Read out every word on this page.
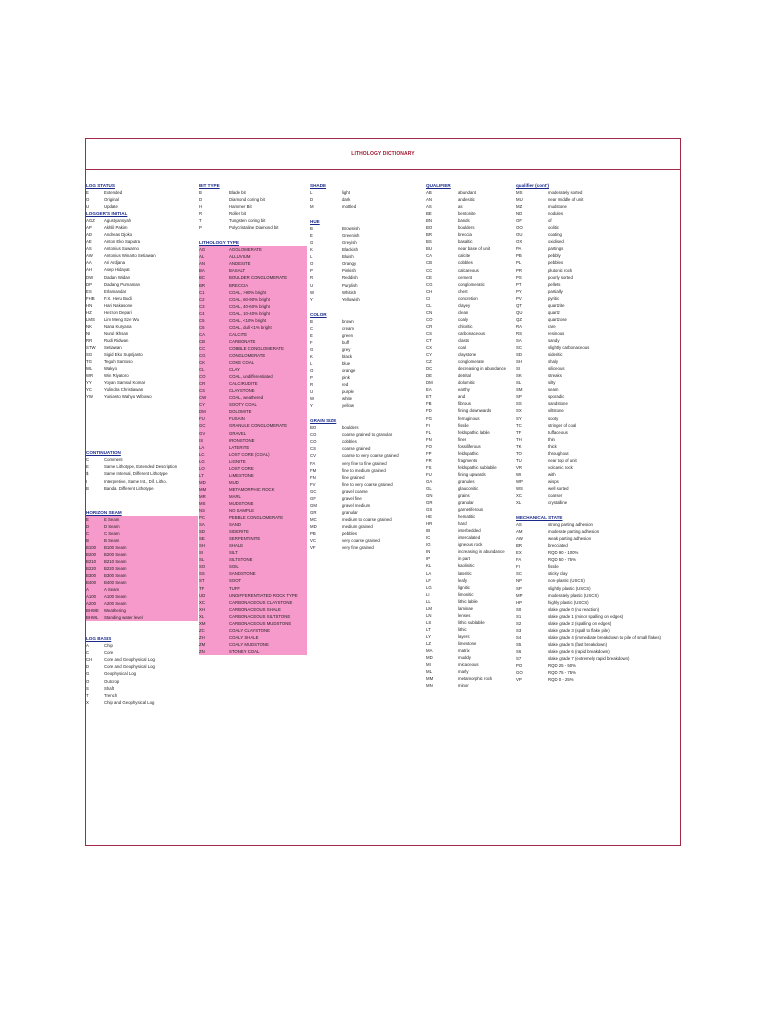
LITHOLOGY DICTIONARY
LOG STATUS
E	Extended
O	Original
U	Update
LOGGER'S INITIAL
AGZ Agustyansyah
AP	Akhlil Pakim
AD	Andreas Djoko
AE	Anton Eko Saputra
AS	Antonius Suwarno
AW	Antonius Winarto Setiawan
AA	Ari Ardjana
AH	Asep Hidayat
DW	Dadan Widan
DP	Dadang Purnaman
ES	Erlamandar
FHB F.X. Heru Budi
HN	Hari Nakasone
HZ	Hezron Depari
LMS Lim Meng Sze Wu
NK	Nana Kuryana
NI	Nurul Ikhsan
RR	Rudi Ridwan
STW Setiawan
SG	Sigid Eko Suprijanto
TG	Teguh Santoso
WL	Wakyo
WR	Win Riyatoro
YY	Yoyan Samsul Komar
YC	Yulindra Christiawan
YW	Yunianto Wahyu Wibowo
CONTINUATION
C	Comment
E	Same Lithotype, Extended Description
$	Same Interval, Different Lithotype
I	Interpretive, Same Int., Dif. Litho.
B	Banda. Different Lithotype
HORIZON SEAM
E	E Seam
D	D Seam
C	C Seam
B	B Seam
B100 B100 Seam
B200 B200 Seam
B210 B210 Seam
B220 B220 Seam
B300 B300 Seam
B400 B400 Seam
A	A Seam
A100 A100 Seam
A200 A200 Seam
BHWE Weathering
BHWL Standing water level
LOG BASIS
A	Chip
C	Core
CH	Core and Geophysical Log
D	Core and Geophysical Log
G	Geophysical Log
O	Outcrop
S	Shaft
T	Trench
X	Chip and Geophysical Log
BIT TYPE
B	Blade bit
D	Diamond coring bit
H	Hammer Bit
R	Roller bit
T	Tungsten coring bit
P	Polycristaline Diamond bit
LITHOLOGY TYPE
AG	AGGLOMERATE
AL	ALLUVIUM
AN	ANDESITE
BA	BASALT
BC	BOULDER CONGLOMERATE
BR	BRECCIA
C1	COAL, >90% bright
C2	COAL, 60-90% bright
C3	COAL, 40-60% bright
C4	COAL, 10-40% bright
C5	COAL, <10% bright
C6	COAL, dull <1% bright
CA	CALCITE
CB	CARBONATE
CC	COBBLE CONGLOMERATE
CG	CONGLOMERATE
CK	COKE COAL
CL	CLAY
CO	COAL, undifferentiated
CR	CALCIRUDITE
CS	CLAYSTONE
CW	COAL, weathered
CY	SOOTY COAL
DM	DOLOMITE
FU	FUSAIN
GC	GRANULE CONGLOMERATE
GV	GRAVEL
IS	IRONSTONE
LA	LATERITE
LC	LOST CORE (COAL)
LG	LIGNITE
LO	LOST CORE
LT	LIMESTONE
MD	MUD
MM	METAMORPHIC ROCK
MR	MARL
MS	MUDSTONE
NS	NO SAMPLE
PC	PEBBLE CONGLOMERATE
SA	SAND
SD	SIDERITE
SE	SERPENTINITE
SH	SHALE
SI	SILT
SL	SILTSTONE
SO	SOIL
SS	SANDSTONE
ST	SOOT
TF	TUFF
UD	UNDIFFERENTIATED ROCK TYPE
XC	CARBONACEOUS CLAYSTONE
XH	CARBONACEOUS SHALE
XL	CARBONACEOUS SILTSTONE
XM	CARBONACEOUS MUDSTONE
ZC	COALY CLAYSTONE
ZH	COALY SHALE
ZM	COALY MUDSTONE
ZN	STONEY COAL
SHADE
L	light
D	dark
M	mottled
HUE
B	Brownish
E	Greenish
G	Greyish
K	Blackish
L	Bluish
O	Orangy
P	Pinkish
R	Reddish
U	Purplish
W	Whitish
Y	Yellowish
COLOR
B	brown
C	cream
E	green
F	buff
G	grey
K	black
L	blue
O	orange
P	pink
R	red
U	purple
W	white
Y	yellow
GRAIN SIZE
BO	boulders
CG	coarse grained to granular
CO	cobbles
CS	coarse grained
CV	coarse to very coarse grained
FA	very fine to fine grained
FM	fine to medium grained
FN	fine grained
FV	fine to very coarse grained
GC	gravel coarse
GF	gravel fine
GM	gravel medium
GR	granular
MC	medium to coarse grained
MD	medium grained
PB	pebbles
VC	very coarse grained
VF	very fine grained
QUALIFIER
AB	abundant
AN	andesitic
AS	as
BE	bentonite
BN	bands
BO	boulders
BR	breccia
BS	basaltic
BU	near base of unit
CA	calcite
CB	cobbles
CC	calcareous
CE	cement
CG	conglomeratic
CH	chert
CI	concretion
CL	clayey
CN	clean
CO	coaly
CR	chloritic
CS	carbonaceous
CT	clasts
CX	coal
CY	claystone
CZ	conglomerate
DC	decreasing in abundance
DE	detrital
DM	dolomitic
EA	earthy
ET	and
FB	fibrous
FD	fining downwards
FG	ferruginous
FI	fissile
FL	feldspathic labile
FN	finer
FO	fossiliferous
FP	feldspathic
FR	fragments
FS	feldspathic sublabile
FU	fining upwards
GA	granules
GL	glauconitic
GN	grains
GR	granular
GS	garnetiferous
HE	hematitic
HR	hard
IB	interbedded
IC	intercalated
IG	igneous rock
IN	increasing in abundance
IP	in part
KL	kaolinitic
LA	lateritic
LF	leafy
LG	lignitic
LI	limonitic
LL	lithic labile
LM	laminae
LN	lenses
LS	lithic sublabile
LT	lithic
LY	layers
LZ	limestone
MA	matrix
MD	muddy
MI	micaceous
ML	marly
MM	metamorphic rock
MN	minor
qualifier (cont')
MS	moderately sorted
MU	near middle of unit
MZ	mudstone
ND	nodules
OF	of
OO	oolitic
OU	coating
OX	oxidised
PA	partings
PB	pebbly
PL	pebbles
PR	plutonic rock
PS	poorly sorted
PT	pellets
PY	partially
PV	pyritic
QT	quartzite
QU	quartz
QZ	quartzose
RA	rare
RS	resinous
SA	sandy
SC	slightly carbonaceous
SD	sideritic
SH	shaly
SI	siliceous
SK	streaks
SL	silty
SM	seam
SP	sporadic
SS	sandstone
SX	siltstone
SY	sooty
TC	stringer of coal
TF	tuffaceous
TH	thin
TK	thick
TO	throughout
TU	near top of unit
VR	volcanic rock
WI	with
WP	wisps
WS	well sorted
XC	coarser
XL	crystalline
MECHANICAL STATE
AS	strong parting adhesion
AM	moderate parting adhesion
AW	weak parting adhesion
BR	brecciated
EX	RQD 90 - 100%
FA	RQD 50 - 75%
FI	fissile
SC	sticky clay
NP	non-plastic (USCS)
SP	slightly plastic (USCS)
MP	moderately plastic (USCS)
HP	highly plastic (USCS)
S0	slake grade 0 (no reaction)
S1	slake grade 1 (minor spalling on edges)
S2	slake grade 2 (spalling on edges)
S3	slake grade 3 (spall to flake pile)
S4	slake grade 4 (immediate breakdown to pile of small flakes)
S5	slake grade 5 (fast breakdown)
S6	slake grade 6 (rapid breakdown)
S7	slake grade 7 (extremely rapid breakdown)
PO	RQD 25 - 50%
GO	RQD 75 - 75%
VP	RQD 0 - 25%
